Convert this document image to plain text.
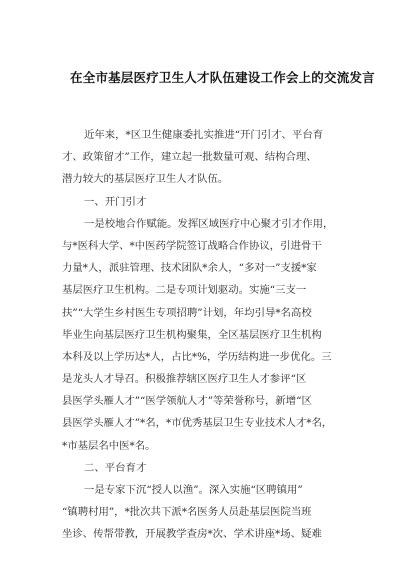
在全市基层医疗卫生人才队伍建设工作会上的交流发言
近年来，*区卫生健康委扎实推进“开门引才、平台育
才、政策留才”工作，建立起一批数量可观、结构合理、
潜力较大的基层医疗卫生人才队伍。
一、开门引才
一是校地合作赋能。发挥区域医疗中心聚才引才作用，
与*医科大学、*中医药学院签订战略合作协议，引进骨干
力量*人，派驻管理、技术团队*余人，“多对一”支援*家
基层医疗卫生机构。二是专项计划驱动。实施“三支一
扶”“大学生乡村医生专项招聘”计划，年均引导*名高校
毕业生向基层医疗卫生机构聚集，全区基层医疗卫生机构
本科及以上学历达*人，占比*%，学历结构进一步优化。三
是龙头人才导召。积极推荐辖区医疗卫生人才参评“区
县医学头雁人才”“医学领航人才”等荣誉称号，新增“区
县医学头雁人才”*名，*市优秀基层卫生专业技术人才*名，
*市基层名中医*名。
二、平台育才
一是专家下沉“授人以渔”。深入实施“区聘镇用”
“镇聘村用”，*批次共下派*名医务人员赴基层医院当班
坐诊、传帮带教，开展教学查房*次、学术讲座*场、疑难
